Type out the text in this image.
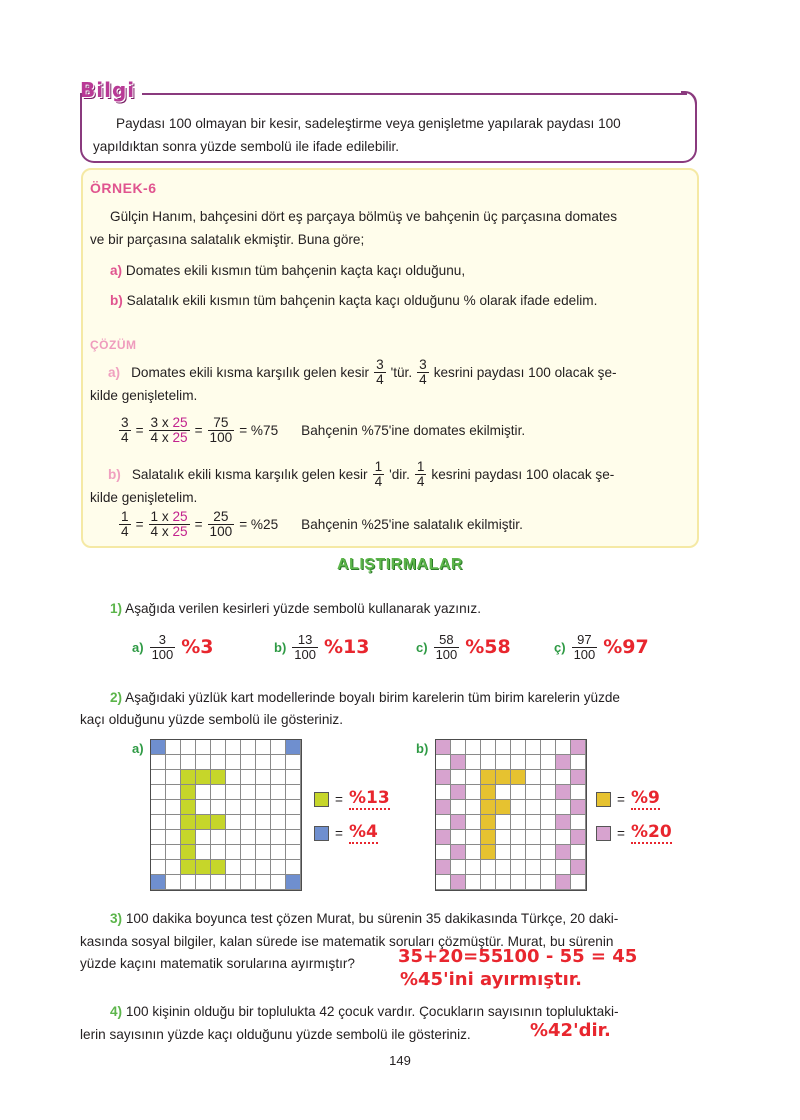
Bilgi
Paydası 100 olmayan bir kesir, sadeleştirme veya genişletme yapılarak paydası 100
yapıldıktan sonra yüzde sembolü ile ifade edilebilir.
ÖRNEK-6
Gülçin Hanım, bahçesini dört eş parçaya bölmüş ve bahçenin üç parçasına domates
ve bir parçasına salatalık ekmiştir. Buna göre;
a) Domates ekili kısmın tüm bahçenin kaçta kaçı olduğunu,
b) Salatalık ekili kısmın tüm bahçenin kaçta kaçı olduğunu % olarak ifade edelim.
ÇÖZÜM
a) Domates ekili kısma karşılık gelen kesir $\frac{3}{4}$ 'tür. $\frac{3}{4}$ kesrini paydası 100 olacak şe-
kilde genişletelim.
$\frac{3}{4} = \frac{3 x 25}{4 x 25} = \frac{75}{100} = \%75$ Bahçenin %75'ine domates ekilmiştir.
b) Salatalık ekili kısma karşılık gelen kesir $\frac{1}{4}$ 'dir. $\frac{1}{4}$ kesrini paydası 100 olacak şe-
kilde genişletelim.
$\frac{1}{4} = \frac{1 x 25}{4 x 25} = \frac{25}{100} = \%25$ Bahçenin %25'ine salatalık ekilmiştir.
ALIŞTIRMALAR
1) Aşağıda verilen kesirleri yüzde sembolü kullanarak yazınız.
$a) \frac{3}{100} \%3$	$b) \frac{13}{100} \%13$	$c) \frac{58}{100} \%58$	ç) $\frac{97}{100} \%97$
2) Aşağıdaki yüzlük kart modellerinde boyalı birim karelerin tüm birim karelerin yüzde
kaçı olduğunu yüzde sembolü ile gösteriniz.
a)
= %13
= %4
b)
= %9
= %20
3) 100 dakika boyunca test çözen Murat, bu sürenin 35 dakikasında Türkçe, 20 daki-
kasında sosyal bilgiler, kalan sürede ise matematik soruları çözmüştür. Murat, bu sürenin
yüzde kaçını matematik sorularına ayırmıştır? 35+20=55
100 - 55 = 45
%45'ini ayırmıştır.
4) 100 kişinin olduğu bir toplulukta 42 çocuk vardır. Çocukların sayısının topluluktaki-
lerin sayısının yüzde kaçı olduğunu yüzde sembolü ile gösteriniz.	%42'dir.
149
